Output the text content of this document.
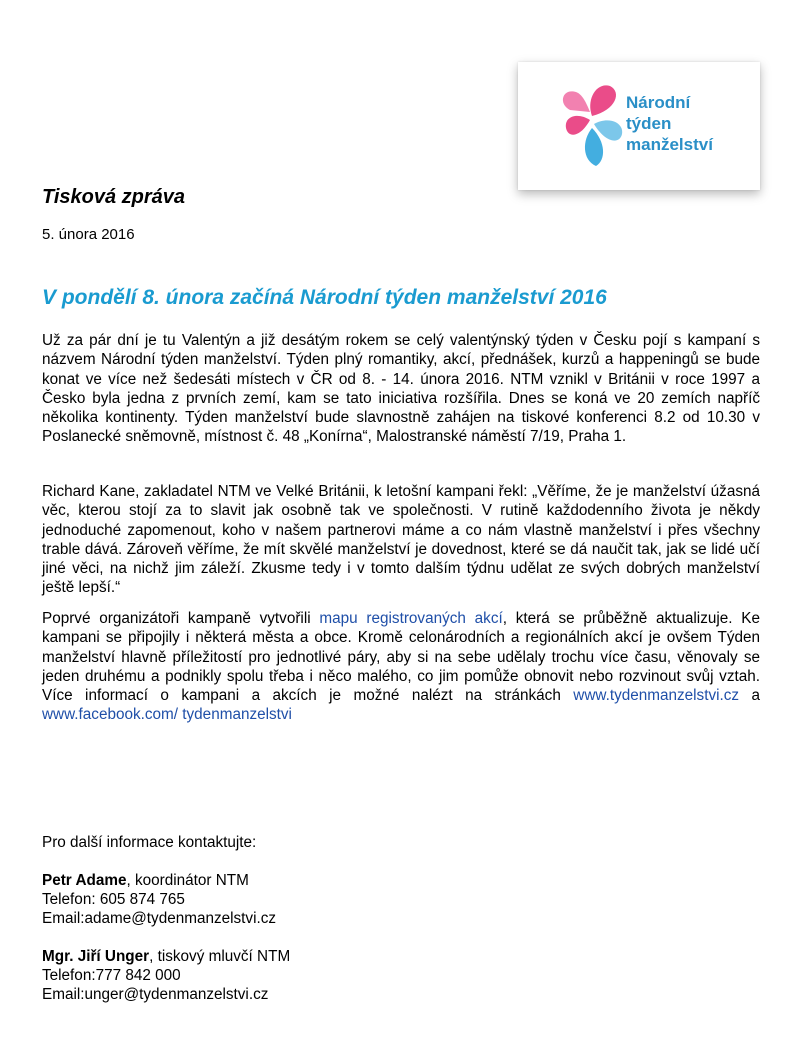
Národní
týden
manželství
Tisková zpráva
5. února 2016
V pondělí 8. února začíná Národní týden manželství 2016

Už za pár dní je tu Valentýn a již desátým rokem se celý valentýnský týden v Česku pojí s kampaní s názvem Národní týden manželství. Týden plný romantiky, akcí, přednášek, kurzů a happeningů se bude konat ve více než šedesáti místech v ČR od 8. - 14. února 2016. NTM vznikl v Británii v roce 1997 a Česko byla jedna z prvních zemí, kam se tato iniciativa rozšířila. Dnes se koná ve 20 zemích napříč několika kontinenty. Týden manželství bude slavnostně zahájen na tiskové konferenci 8.2 od 10.30 v Poslanecké sněmovně, místnost č. 48 „Konírna“, Malostranské náměstí 7/19, Praha 1.

Richard Kane, zakladatel NTM ve Velké Británii, k letošní kampani řekl: „Věříme, že je manželství úžasná věc, kterou stojí za to slavit jak osobně tak ve společnosti. V rutině každodenního života je někdy jednoduché zapomenout, koho v našem partnerovi máme a co nám vlastně manželství i přes všechny trable dává. Zároveň věříme, že mít skvělé manželství je dovednost, které se dá naučit tak, jak se lidé učí jiné věci, na nichž jim záleží. Zkusme tedy i v tomto dalším týdnu udělat ze svých dobrých manželství ještě lepší.“

Poprvé organizátoři kampaně vytvořili mapu registrovaných akcí, která se průběžně aktualizuje. Ke kampani se připojily i některá města a obce. Kromě celonárodních a regionálních akcí je ovšem Týden manželství hlavně příležitostí pro jednotlivé páry, aby si na sebe udělaly trochu více času, věnovaly se jeden druhému a podnikly spolu třeba i něco malého, co jim pomůže obnovit nebo rozvinout svůj vztah. Více informací o kampani a akcích je možné nalézt na stránkách www.tydenmanzelstvi.cz a www.facebook.com/ tydenmanzelstvi

Pro další informace kontaktujte:
Petr Adame, koordinátor NTM
Telefon: 605 874 765
Email:adame@tydenmanzelstvi.cz
Mgr. Jiří Unger, tiskový mluvčí NTM
Telefon:777 842 000
Email:unger@tydenmanzelstvi.cz
